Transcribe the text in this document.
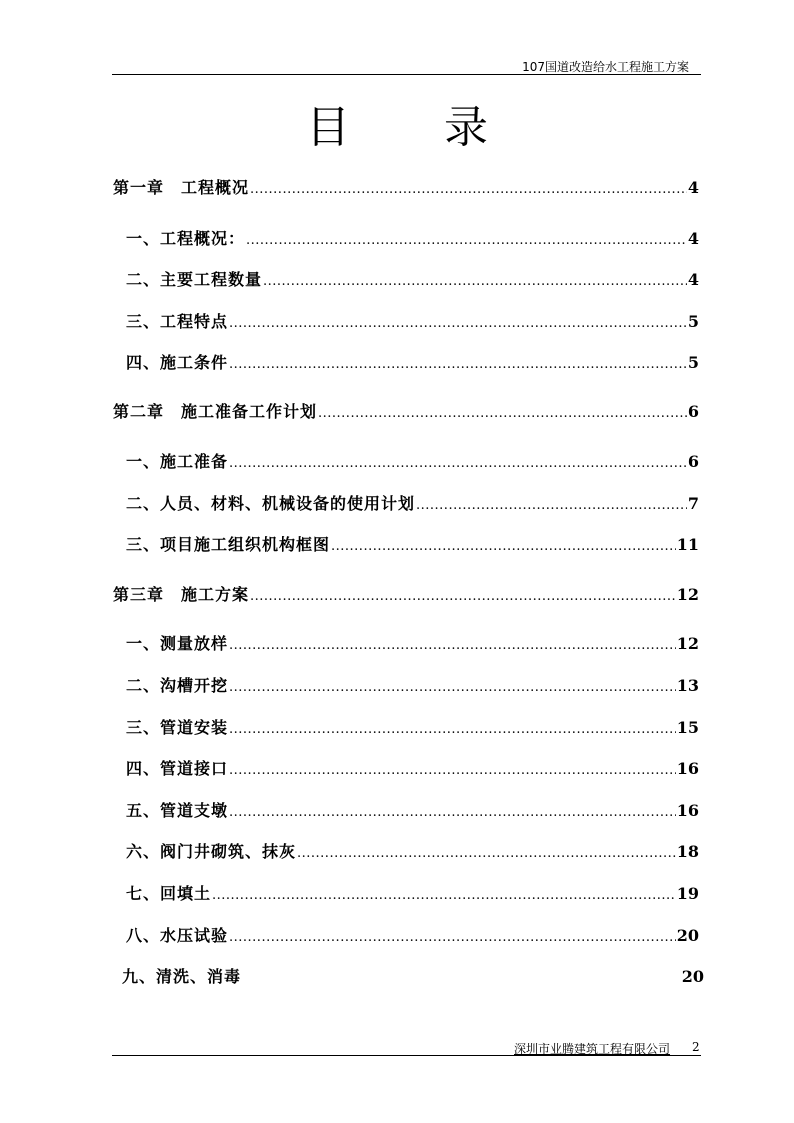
107国道改造给水工程施工方案
目 录
第一章　工程概况 .....	4
一、工程概况： .....	4
二、主要工程数量 .....	4
三、工程特点 .....	5
四、施工条件 .....	5
第二章　施工准备工作计划 .....	6
一、施工准备 .....	6
二、人员、材料、机械设备的使用计划 .....	7
三、项目施工组织机构框图 .....	11
第三章　施工方案 .....	12
一、测量放样 .....	12
二、沟槽开挖 .....	13
三、管道安装 .....	15
四、管道接口 .....	16
五、管道支墩 .....	16
六、阀门井砌筑、抹灰 .....	18
七、回填土 .....	19
八、水压试验 .....	20
九、清洗、消毒	20
深圳市业腾建筑工程有限公司 2
